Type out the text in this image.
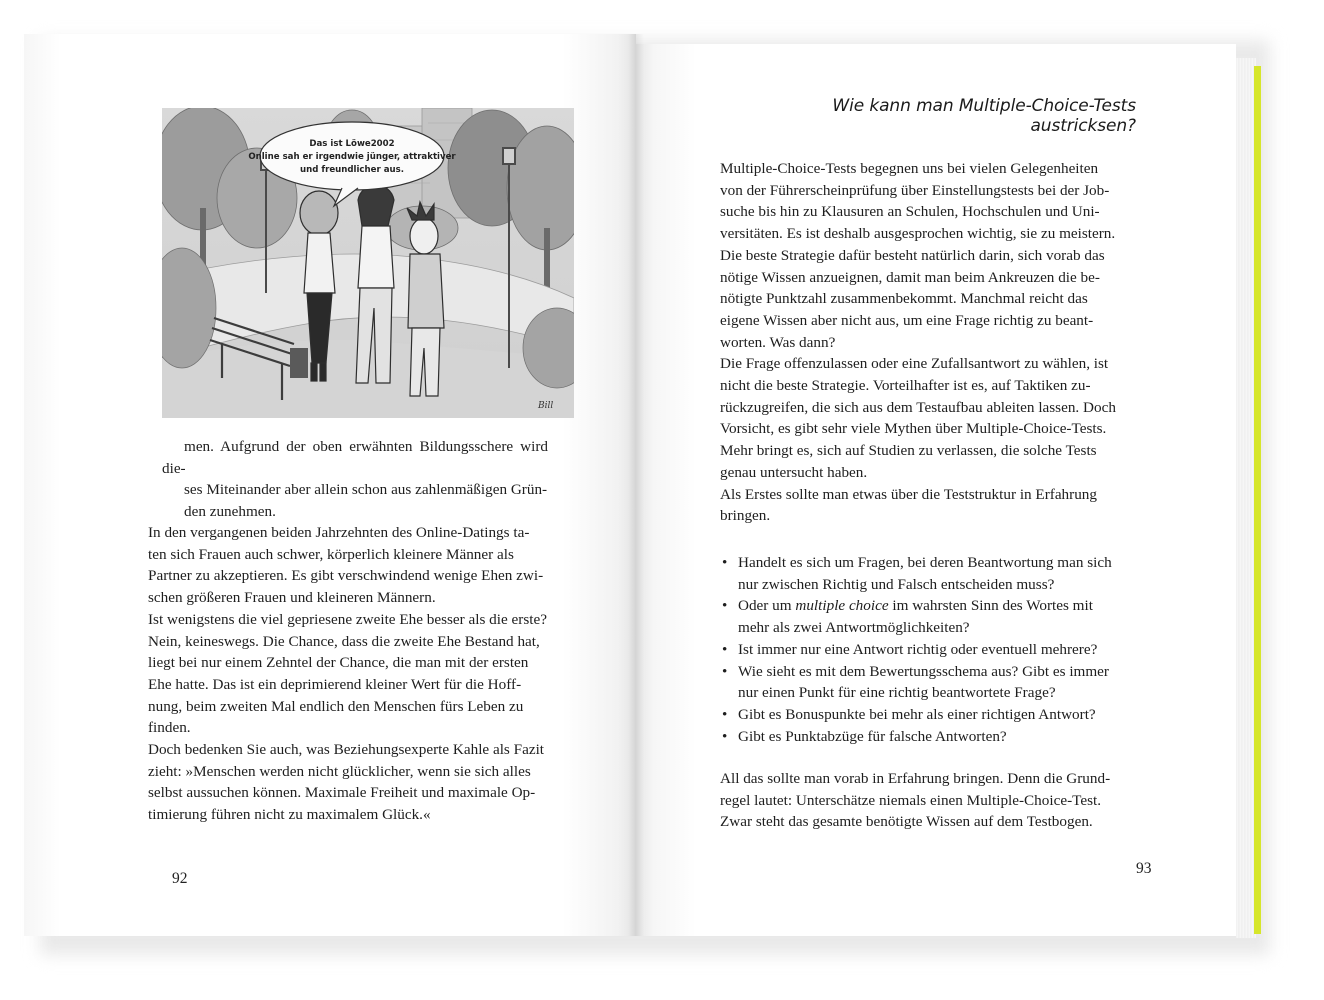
Das ist Löwe2002
Online sah er irgendwie jünger, attraktiver
und freundlicher aus.
Bill

men. Aufgrund der oben erwähnten Bildungsschere wird die-

ses Miteinander aber allein schon aus zahlenmäßigen Grün-

den zunehmen.

In den vergangenen beiden Jahrzehnten des Online-Datings ta-

ten sich Frauen auch schwer, körperlich kleinere Männer als

Partner zu akzeptieren. Es gibt verschwindend wenige Ehen zwi-

schen größeren Frauen und kleineren Männern.

Ist wenigstens die viel gepriesene zweite Ehe besser als die erste?

Nein, keineswegs. Die Chance, dass die zweite Ehe Bestand hat,

liegt bei nur einem Zehntel der Chance, die man mit der ersten

Ehe hatte. Das ist ein deprimierend kleiner Wert für die Hoff-

nung, beim zweiten Mal endlich den Menschen fürs Leben zu

finden.

Doch bedenken Sie auch, was Beziehungsexperte Kahle als Fazit

zieht: »Menschen werden nicht glücklicher, wenn sie sich alles

selbst aussuchen können. Maximale Freiheit und maximale Op-

timierung führen nicht zu maximalem Glück.«

92
Wie kann man Multiple-Choice-Tests austricksen?

Multiple-Choice-Tests begegnen uns bei vielen Gelegenheiten

von der Führerscheinprüfung über Einstellungstests bei der Job-

suche bis hin zu Klausuren an Schulen, Hochschulen und Uni-

versitäten. Es ist deshalb ausgesprochen wichtig, sie zu meistern.

Die beste Strategie dafür besteht natürlich darin, sich vorab das

nötige Wissen anzueignen, damit man beim Ankreuzen die be-

nötigte Punktzahl zusammenbekommt. Manchmal reicht das

eigene Wissen aber nicht aus, um eine Frage richtig zu beant-

worten. Was dann?

Die Frage offenzulassen oder eine Zufallsantwort zu wählen, ist

nicht die beste Strategie. Vorteilhafter ist es, auf Taktiken zu-

rückzugreifen, die sich aus dem Testaufbau ableiten lassen. Doch

Vorsicht, es gibt sehr viele Mythen über Multiple-Choice-Tests.

Mehr bringt es, sich auf Studien zu verlassen, die solche Tests

genau untersucht haben.

Als Erstes sollte man etwas über die Teststruktur in Erfahrung

bringen.

• Handelt es sich um Fragen, bei deren Beantwortung man sich
nur zwischen Richtig und Falsch entscheiden muss?
• Oder um multiple choice im wahrsten Sinn des Wortes mit
mehr als zwei Antwortmöglichkeiten?
• Ist immer nur eine Antwort richtig oder eventuell mehrere?
• Wie sieht es mit dem Bewertungsschema aus? Gibt es immer
nur einen Punkt für eine richtig beantwortete Frage?
• Gibt es Bonuspunkte bei mehr als einer richtigen Antwort?
• Gibt es Punktabzüge für falsche Antworten?

All das sollte man vorab in Erfahrung bringen. Denn die Grund-

regel lautet: Unterschätze niemals einen Multiple-Choice-Test.

Zwar steht das gesamte benötigte Wissen auf dem Testbogen.

93
